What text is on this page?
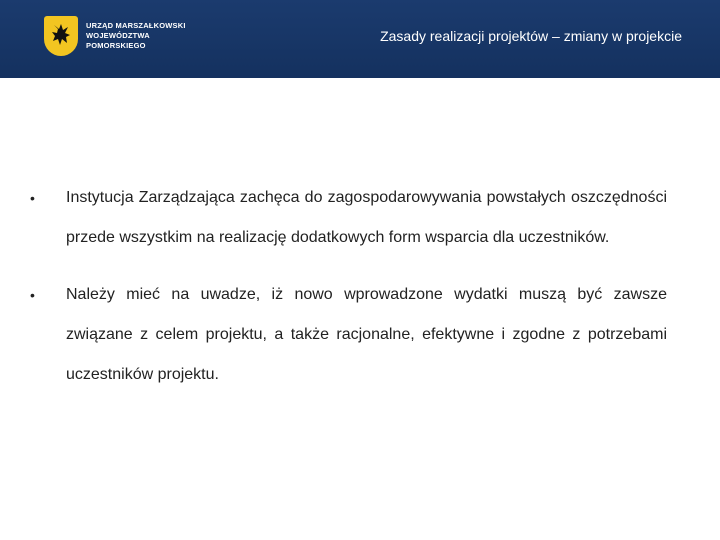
URZĄD MARSZAŁKOWSKI
WOJEWÓDZTWA POMORSKIEGO
Zasady realizacji projektów – zmiany w projekcie
• Instytucja Zarządzająca zachęca do zagospodarowywania powstałych oszczędności przede wszystkim na realizację dodatkowych form wsparcia dla uczestników.
• Należy mieć na uwadze, iż nowo wprowadzone wydatki muszą być zawsze związane z celem projektu, a także racjonalne, efektywne i zgodne z potrzebami uczestników projektu.
